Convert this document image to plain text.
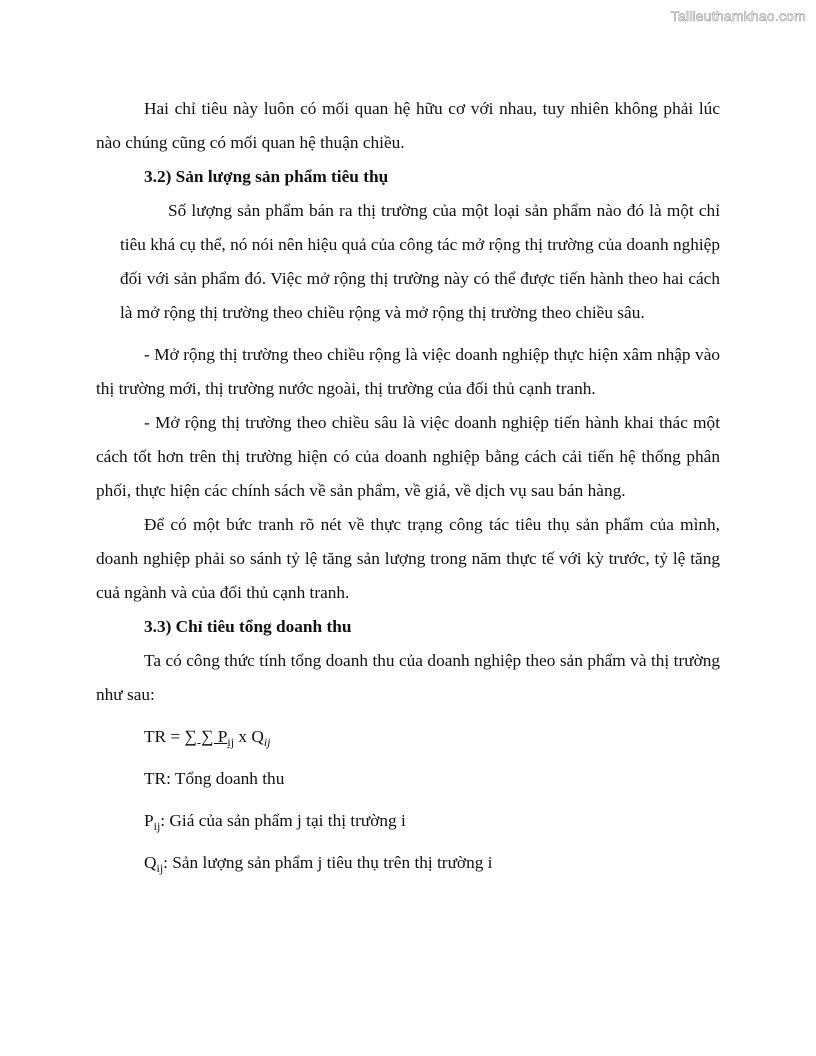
Tailieuthamkhao.com

Hai chỉ tiêu này luôn có mối quan hệ hữu cơ với nhau, tuy nhiên không phải lúc nào chúng cũng có mối quan hệ thuận chiều.

3.2) Sản lượng sản phẩm tiêu thụ

Số lượng sản phẩm bán ra thị trường của một loại sản phẩm nào đó là một chỉ tiêu khá cụ thể, nó nói nên hiệu quả của công tác mở rộng thị trường của doanh nghiệp đối với sản phẩm đó. Việc mở rộng thị trường này có thể được tiến hành theo hai cách là mở rộng thị trường theo chiều rộng và mở rộng thị trường theo chiều sâu.

- Mở rộng thị trường theo chiều rộng là việc doanh nghiệp thực hiện xâm nhập vào thị trường mới, thị trường nước ngoài, thị trường của đối thủ cạnh tranh.

- Mở rộng thị trường theo chiều sâu là việc doanh nghiệp tiến hành khai thác một cách tốt hơn trên thị trường hiện có của doanh nghiệp bằng cách cải tiến hệ thống phân phối, thực hiện các chính sách về sản phẩm, về giá, về dịch vụ sau bán hàng.

Để có một bức tranh rõ nét về thực trạng công tác tiêu thụ sản phẩm của mình, doanh nghiệp phải so sánh tỷ lệ tăng sản lượng trong năm thực tế với kỳ trước, tỷ lệ tăng cuả ngành và của đối thủ cạnh tranh.

3.3) Chỉ tiêu tổng doanh thu

Ta có công thức tính tổng doanh thu của doanh nghiệp theo sản phẩm và thị trường như sau:

TR = ∑ ∑ $P_{ij}$ x $Q_{ij}$

TR: Tổng doanh thu

$P_{ij}$: Giá của sản phẩm j tại thị trường i

$Q_{ij}$: Sản lượng sản phẩm j tiêu thụ trên thị trường i
